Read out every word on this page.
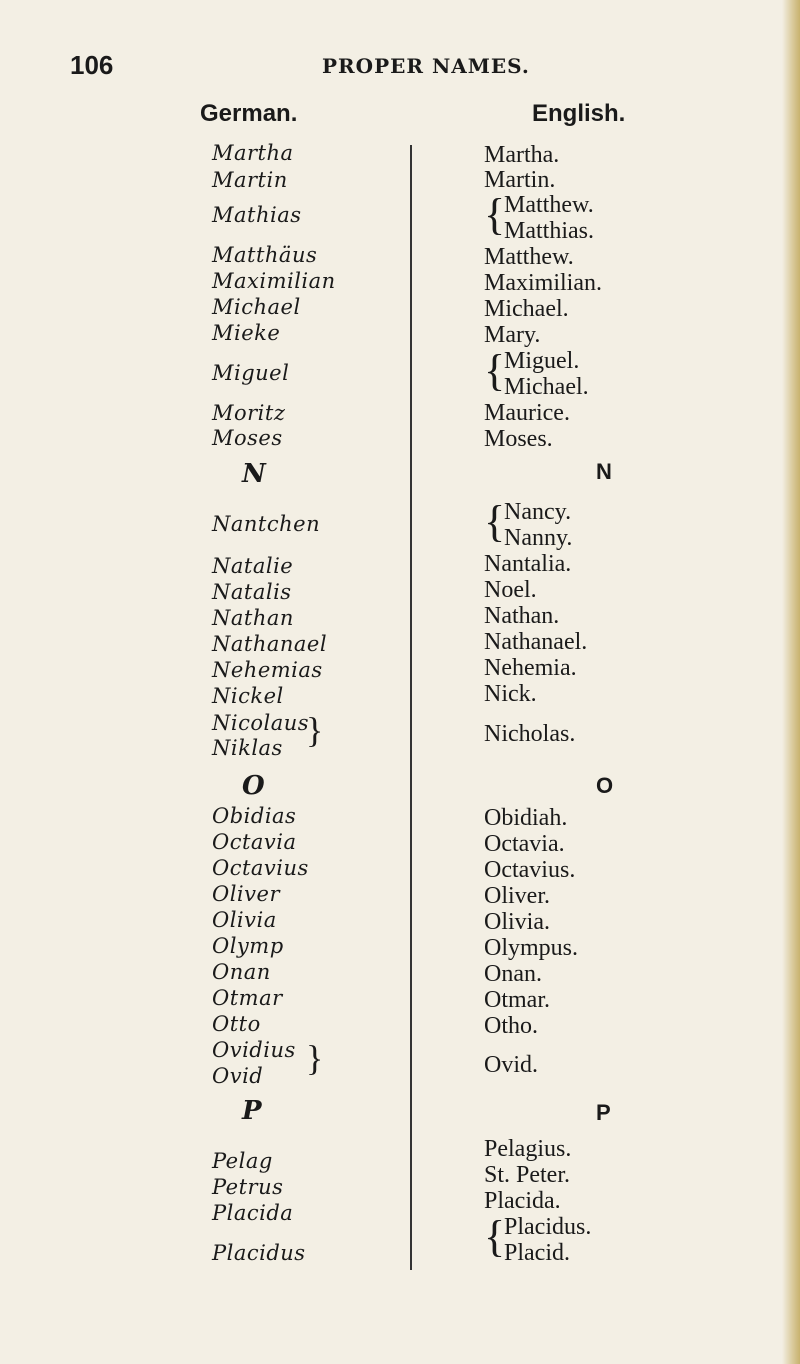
106	PROPER NAMES.
German.	English.
Martha
Martin
Mathias
Matthäus
Maximilian
Michael
Mieke
Miguel
Moritz
Moses
N
Nantchen
Natalie
Natalis
Nathan
Nathanael
Nehemias
Nickel
Nicolaus
Niklas }
O
Obidias
Octavia
Octavius
Oliver
Olivia
Olymp
Onan
Otmar
Otto
Ovidius
Ovid }
P
Pelag
Petrus
Placida
Placidus
Martha.
Martin.
{
Matthew.
Matthias.
Matthew.
Maximilian.
Michael.
Mary.
{
Miguel.
Michael.
Maurice.
Moses.
N
{
Nancy.
Nanny.
Nantalia.
Noel.
Nathan.
Nathanael.
Nehemia.
Nick.
Nicholas.
O
Obidiah.
Octavia.
Octavius.
Oliver.
Olivia.
Olympus.
Onan.
Otmar.
Otho.
Ovid.
P
Pelagius.
St. Peter.
Placida.
{
Placidus.
Placid.
